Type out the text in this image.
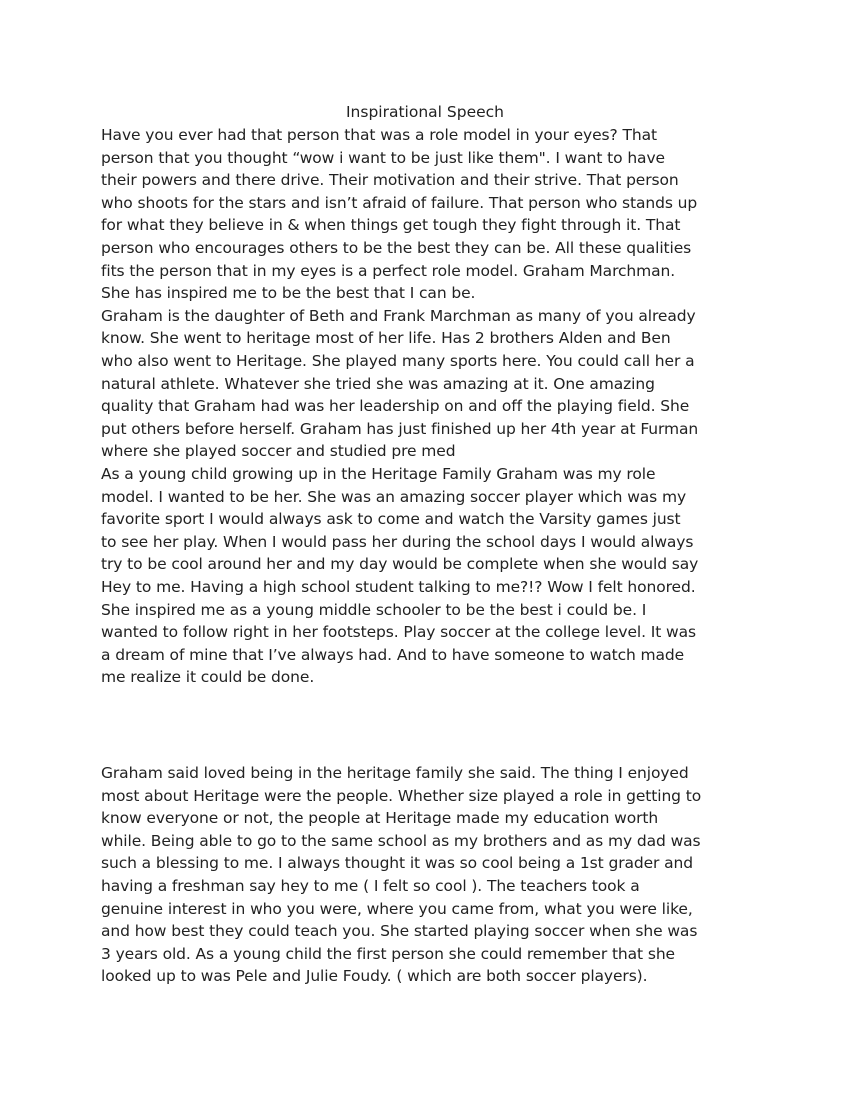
Inspirational Speech

Have you ever had that person that was a role model in your eyes? That

person that you thought “wow i want to be just like them". I want to have

their powers and there drive. Their motivation and their strive. That person

who shoots for the stars and isn’t afraid of failure. That person who stands up

for what they believe in & when things get tough they fight through it. That

person who encourages others to be the best they can be. All these qualities

fits the person that in my eyes is a perfect role model. Graham Marchman.

She has inspired me to be the best that I can be.

Graham is the daughter of Beth and Frank Marchman as many of you already

know. She went to heritage most of her life. Has 2 brothers Alden and Ben

who also went to Heritage. She played many sports here. You could call her a

natural athlete. Whatever she tried she was amazing at it. One amazing

quality that Graham had was her leadership on and off the playing field. She

put others before herself. Graham has just finished up her 4th year at Furman

where she played soccer and studied pre med

As a young child growing up in the Heritage Family Graham was my role

model. I wanted to be her. She was an amazing soccer player which was my

favorite sport I would always ask to come and watch the Varsity games just

to see her play. When I would pass her during the school days I would always

try to be cool around her and my day would be complete when she would say

Hey to me. Having a high school student talking to me?!? Wow I felt honored.

She inspired me as a young middle schooler to be the best i could be. I

wanted to follow right in her footsteps. Play soccer at the college level. It was

a dream of mine that I’ve always had. And to have someone to watch made

me realize it could be done.

Graham said loved being in the heritage family she said. The thing I enjoyed

most about Heritage were the people. Whether size played a role in getting to

know everyone or not, the people at Heritage made my education worth

while. Being able to go to the same school as my brothers and as my dad was

such a blessing to me. I always thought it was so cool being a 1st grader and

having a freshman say hey to me ( I felt so cool ). The teachers took a

genuine interest in who you were, where you came from, what you were like,

and how best they could teach you. She started playing soccer when she was

3 years old. As a young child the first person she could remember that she

looked up to was Pele and Julie Foudy. ( which are both soccer players).
